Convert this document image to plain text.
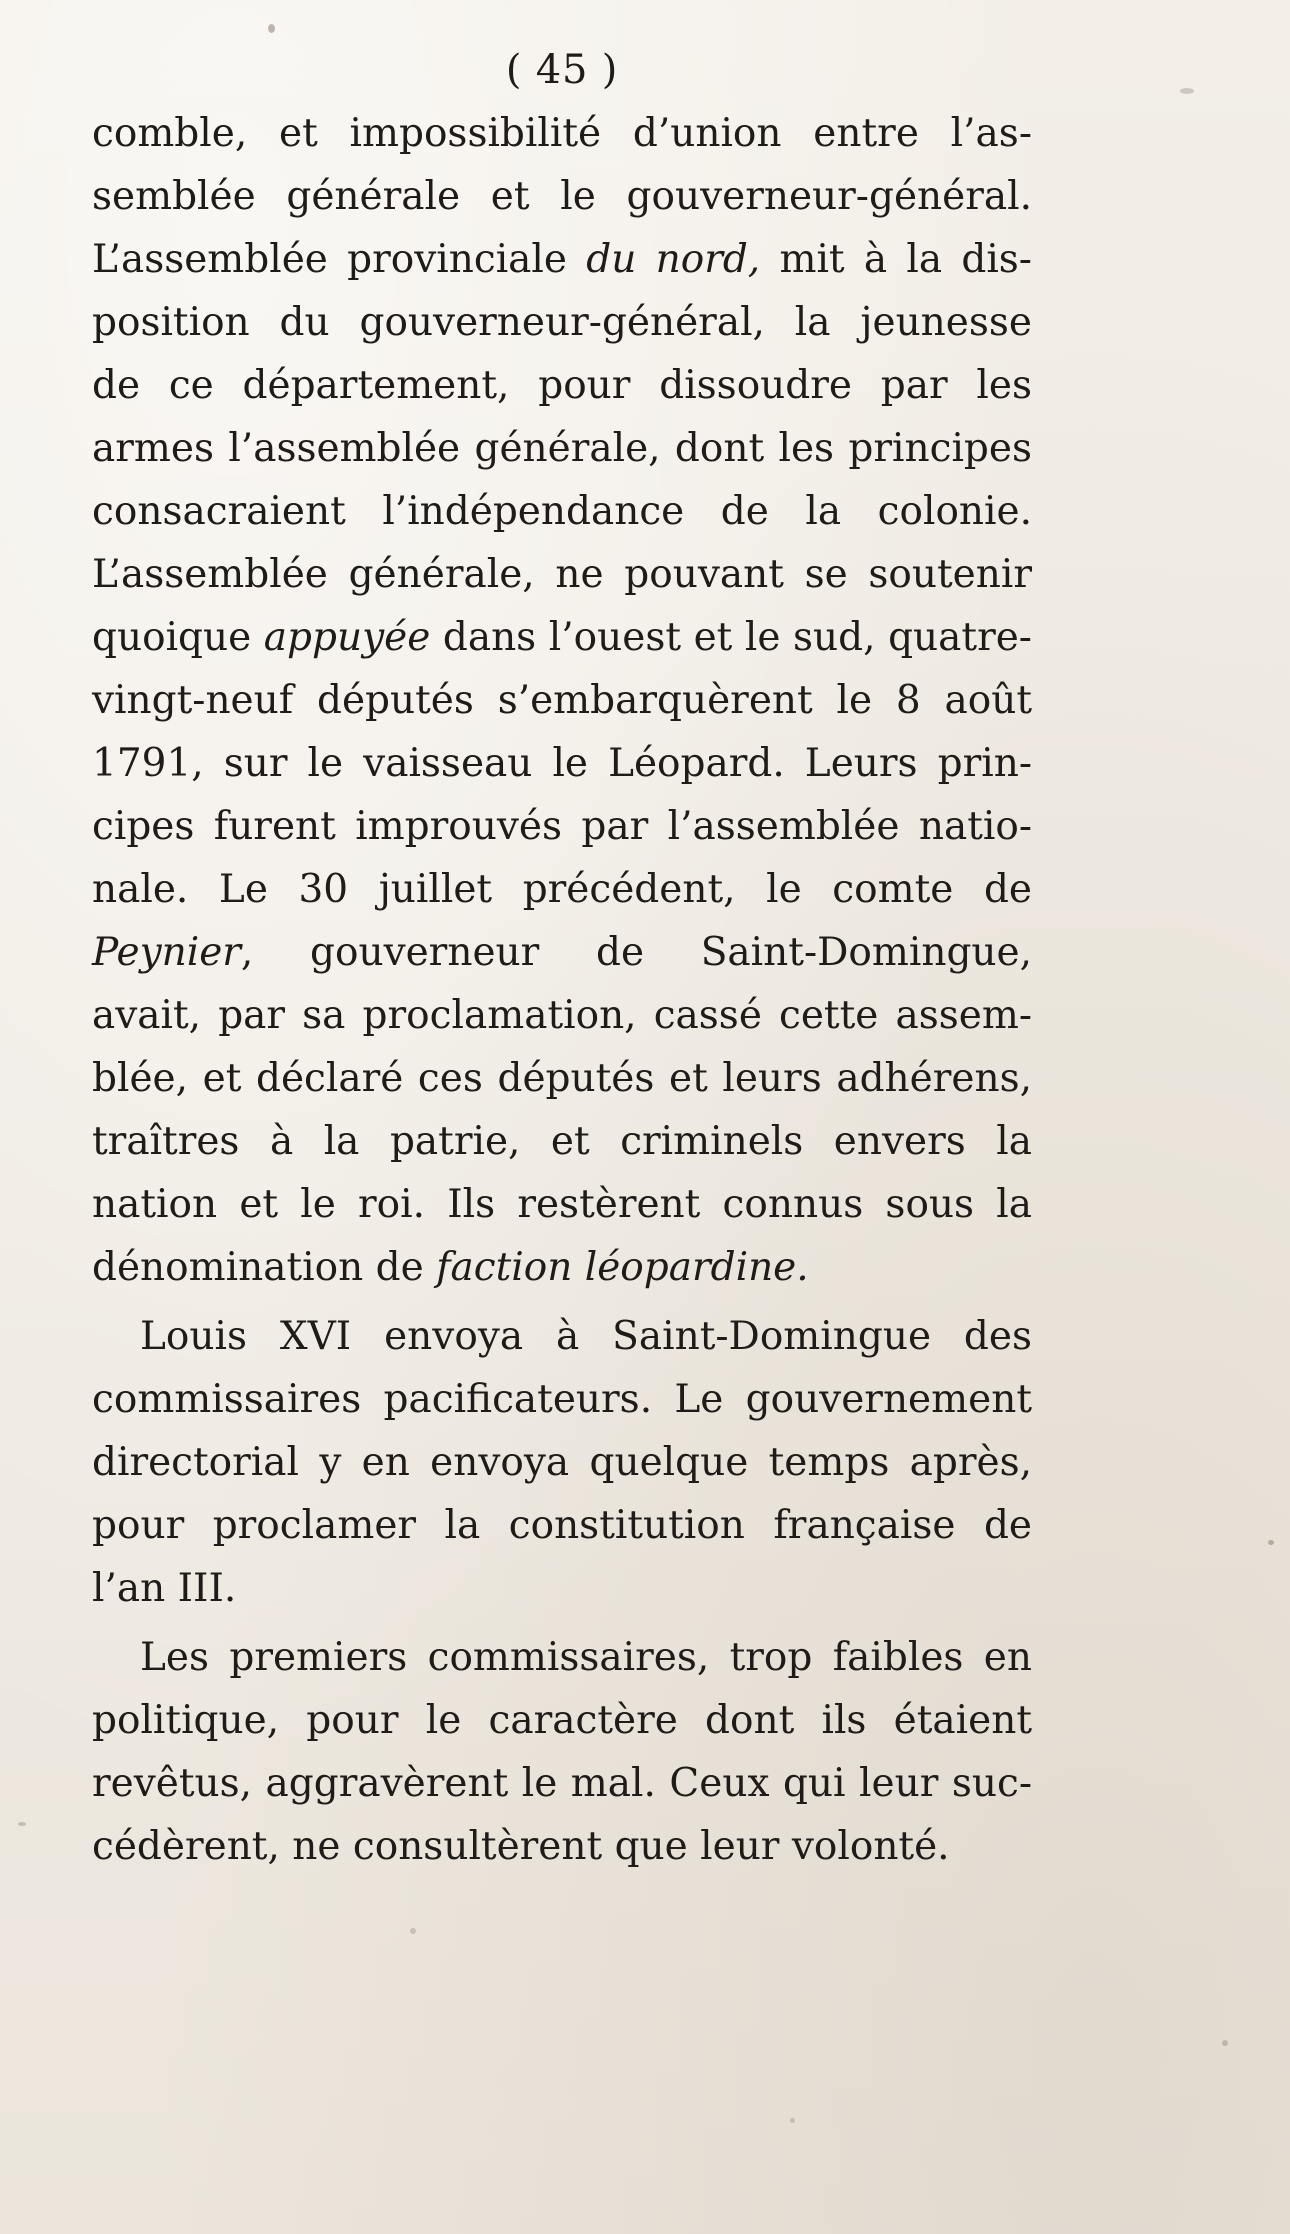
( 45 )

comble, et impossibilité d’union entre l’as-
semblée générale et le gouverneur-général.
L’assemblée provinciale du nord, mit à la dis-
position du gouverneur-général, la jeunesse
de ce département, pour dissoudre par les
armes l’assemblée générale, dont les principes
consacraient l’indépendance de la colonie.
L’assemblée générale, ne pouvant se soutenir
quoique appuyée dans l’ouest et le sud, quatre-
vingt-neuf députés s’embarquèrent le 8 août
1791, sur le vaisseau le Léopard. Leurs prin-
cipes furent improuvés par l’assemblée natio-
nale. Le 30 juillet précédent, le comte de
Peynier, gouverneur de Saint-Domingue,
avait, par sa proclamation, cassé cette assem-
blée, et déclaré ces députés et leurs adhérens,
traîtres à la patrie, et criminels envers la
nation et le roi. Ils restèrent connus sous la
dénomination de faction léopardine.

Louis XVI envoya à Saint-Domingue des
commissaires pacificateurs. Le gouvernement
directorial y en envoya quelque temps après,
pour proclamer la constitution française de
l’an III.

Les premiers commissaires, trop faibles en
politique, pour le caractère dont ils étaient
revêtus, aggravèrent le mal. Ceux qui leur suc-
cédèrent, ne consultèrent que leur volonté.
